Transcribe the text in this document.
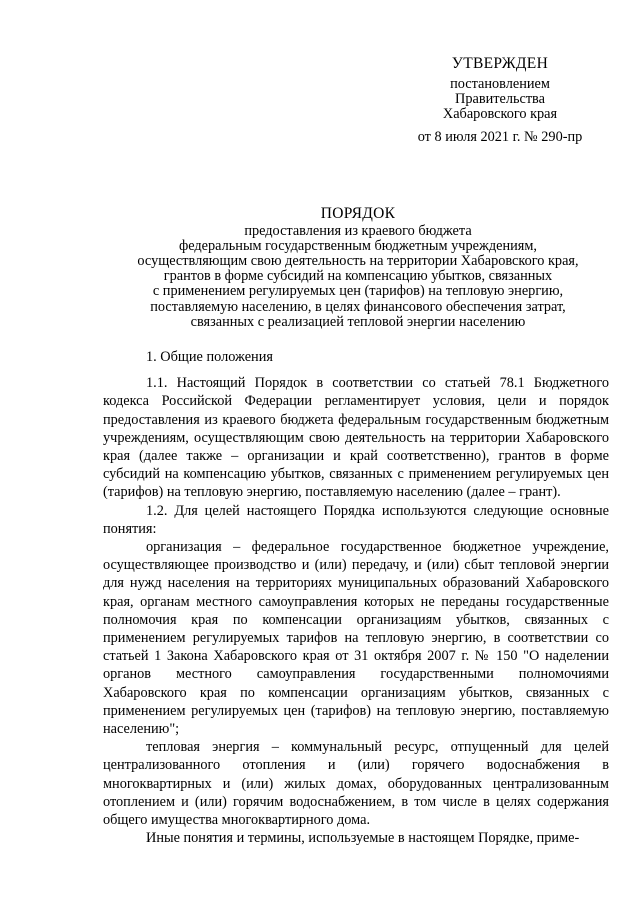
УТВЕРЖДЕН
постановлением
Правительства
Хабаровского края
от 8 июля 2021 г. № 290-пр
ПОРЯДОК
предоставления из краевого бюджета
федеральным государственным бюджетным учреждениям,
осуществляющим свою деятельность на территории Хабаровского края,
грантов в форме субсидий на компенсацию убытков, связанных
с применением регулируемых цен (тарифов) на тепловую энергию,
поставляемую населению, в целях финансового обеспечения затрат,
связанных с реализацией тепловой энергии населению

1. Общие положения

1.1. Настоящий Порядок в соответствии со статьей 78.1 Бюджетного кодекса Российской Федерации регламентирует условия, цели и порядок предоставления из краевого бюджета федеральным государственным бюджетным учреждениям, осуществляющим свою деятельность на территории Хабаровского края (далее также – организации и край соответственно), грантов в форме субсидий на компенсацию убытков, связанных с применением регулируемых цен (тарифов) на тепловую энергию, поставляемую населению (далее – грант).

1.2. Для целей настоящего Порядка используются следующие основные понятия:

организация – федеральное государственное бюджетное учреждение, осуществляющее производство и (или) передачу, и (или) сбыт тепловой энергии для нужд населения на территориях муниципальных образований Хабаровского края, органам местного самоуправления которых не переданы государственные полномочия края по компенсации организациям убытков, связанных с применением регулируемых тарифов на тепловую энергию, в соответствии со статьей 1 Закона Хабаровского края от 31 октября 2007 г. № 150 "О наделении органов местного самоуправления государственными полномочиями Хабаровского края по компенсации организациям убытков, связанных с применением регулируемых цен (тарифов) на тепловую энергию, поставляемую населению";

тепловая энергия – коммунальный ресурс, отпущенный для целей централизованного отопления и (или) горячего водоснабжения в многоквартирных и (или) жилых домах, оборудованных централизованным отоплением и (или) горячим водоснабжением, в том числе в целях содержания общего имущества многоквартирного дома.

Иные понятия и термины, используемые в настоящем Порядке, приме-
